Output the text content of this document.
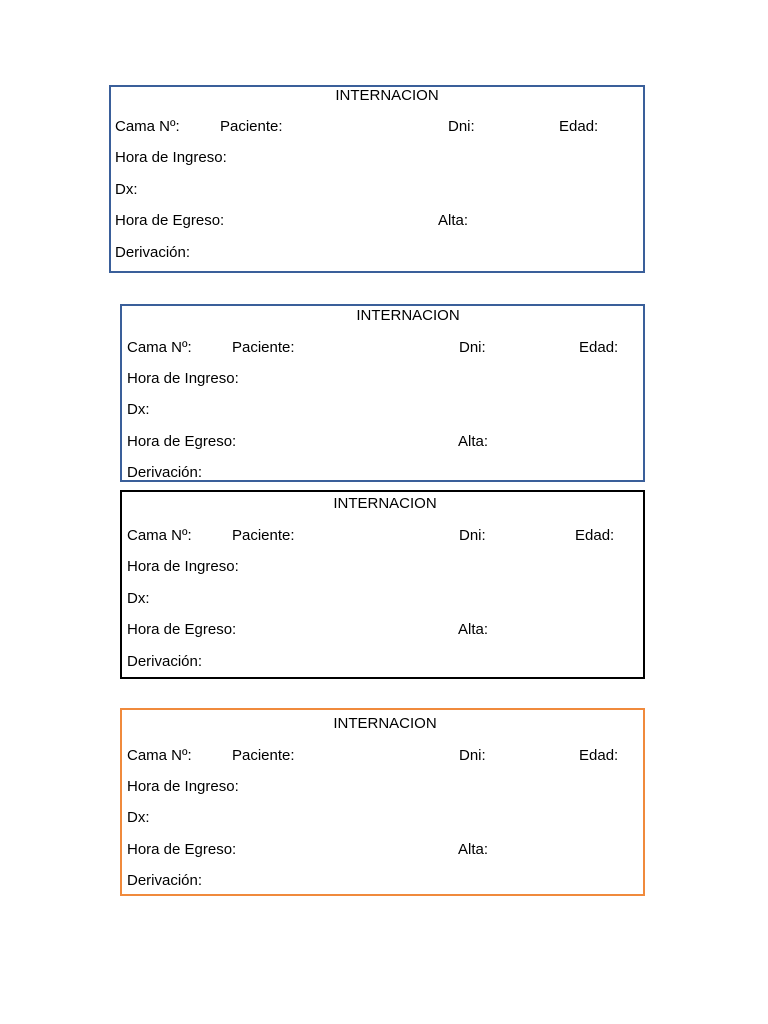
INTERNACION
Cama Nº:	Paciente:	Dni:	Edad:
Hora de Ingreso:
Dx:
Hora de Egreso:	Alta:
Derivación:
INTERNACION
Cama Nº:	Paciente:	Dni:	Edad:
Hora de Ingreso:
Dx:
Hora de Egreso:	Alta:
Derivación:
INTERNACION
Cama Nº:	Paciente:	Dni:	Edad:
Hora de Ingreso:
Dx:
Hora de Egreso:	Alta:
Derivación:
INTERNACION
Cama Nº:	Paciente:	Dni:	Edad:
Hora de Ingreso:
Dx:
Hora de Egreso:	Alta:
Derivación:
